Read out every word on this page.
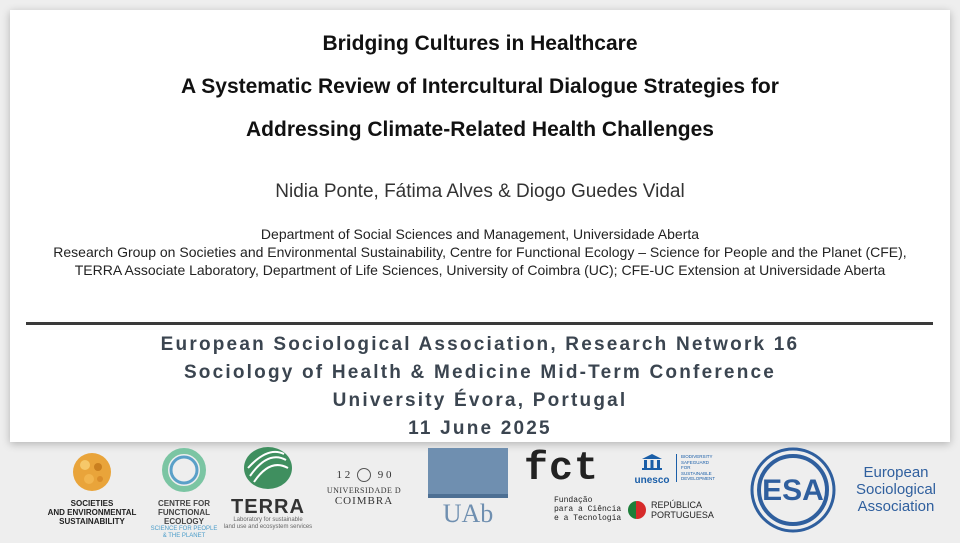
Bridging Cultures in Healthcare
A Systematic Review of Intercultural Dialogue Strategies for
Addressing Climate-Related Health Challenges
Nidia Ponte, Fátima Alves & Diogo Guedes Vidal
Department of Social Sciences and Management, Universidade Aberta
Research Group on Societies and Environmental Sustainability, Centre for Functional Ecology – Science for People and the Planet (CFE), TERRA Associate Laboratory, Department of Life Sciences, University of Coimbra (UC); CFE-UC Extension at Universidade Aberta
European Sociological Association, Research Network 16
Sociology of Health & Medicine Mid-Term Conference
University Évora, Portugal
11 June 2025
SOCIETIES
AND ENVIRONMENTAL
SUSTAINABILITY
CENTRE FOR
FUNCTIONAL
ECOLOGY
SCIENCE FOR PEOPLE & THE PLANET
TERRA
Laboratory for sustainable
land use and ecosystem services
1 2	9 0
UNIVERSIDADE D
COIMBRA	UAb
fct
Fundação
para a Ciência
e a Tecnologia
unesco
BIODIVERSITY
SAFEGUARD
FOR
SUSTAINABLE
DEVELOPMENT
REPÚBLICA
PORTUGUESA
ESA
European
Sociological
Association
